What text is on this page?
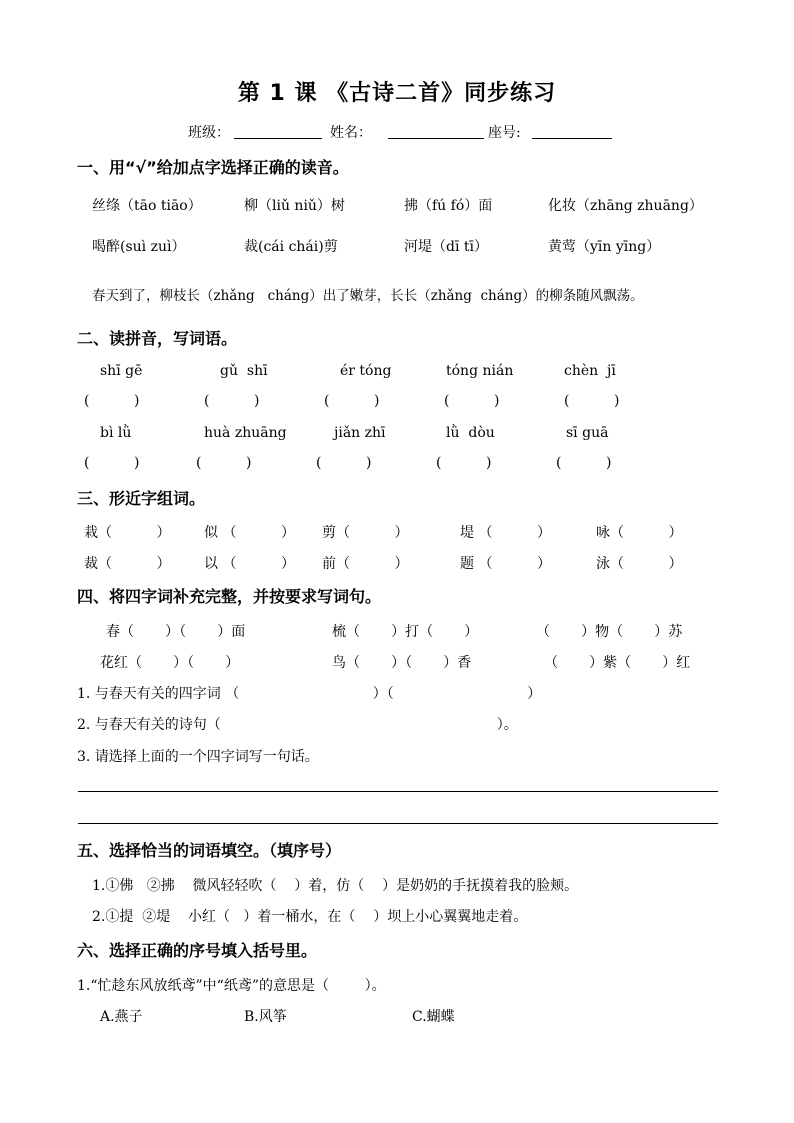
第 1 课 《古诗二首》同步练习
班级：	姓名：	座号:
一、用“√”给加点字选择正确的读音。
丝绦（tāo tiāo）	柳（liǔ niǔ）树	拂（fú fó）面	化妆（zhāng zhuāng）
喝醉(suì zuì）	裁(cái chái)剪	河堤（dī tī）	黄莺（yīn yīng）
春天到了，柳枝长（zhǎng   cháng）出了嫩芽，长长（zhǎng  cháng）的柳条随风飘荡。
二、读拼音，写词语。
shī gē	gǔ  shī	ér tóng	tóng nián	chèn  jī
(          )	(          )	(          )	(          )	(          )
bì lǜ	huà zhuāng	jiǎn zhī	lǜ  dòu	sī guā
(          )	(          )	(          )	(          )	(          )
三、形近字组词。
栽（          ） 似 （          ） 剪（          ）	堤 （          ）	咏（          ）
裁（          ） 以 （          ） 前（          ）	题 （          ）	泳（          ）
四、将四字词补充完整，并按要求写词句。
春（       ）（       ）面	梳（       ）打（       ）	（       ）物（       ）苏
花红（       ）（       ）	鸟（       ）（       ）香	（       ）紫（       ）红
1. 与春天有关的四字词 （                              ）（                              ）
2. 与春天有关的诗句（                                                              ）。
3. 请选择上面的一个四字词写一句话。
五、选择恰当的词语填空。（填序号）
1.①佛   ②拂    微风轻轻吹（    ）着，仿（    ）是奶奶的手抚摸着我的脸颊。
2.①提  ②堤    小红（   ）着一桶水，在（    ）坝上小心翼翼地走着。
六、选择正确的序号填入括号里。
1.“忙趁东风放纸鸢”中“纸鸢”的意思是（        ）。
A.燕子	B.风筝	C.蝴蝶
